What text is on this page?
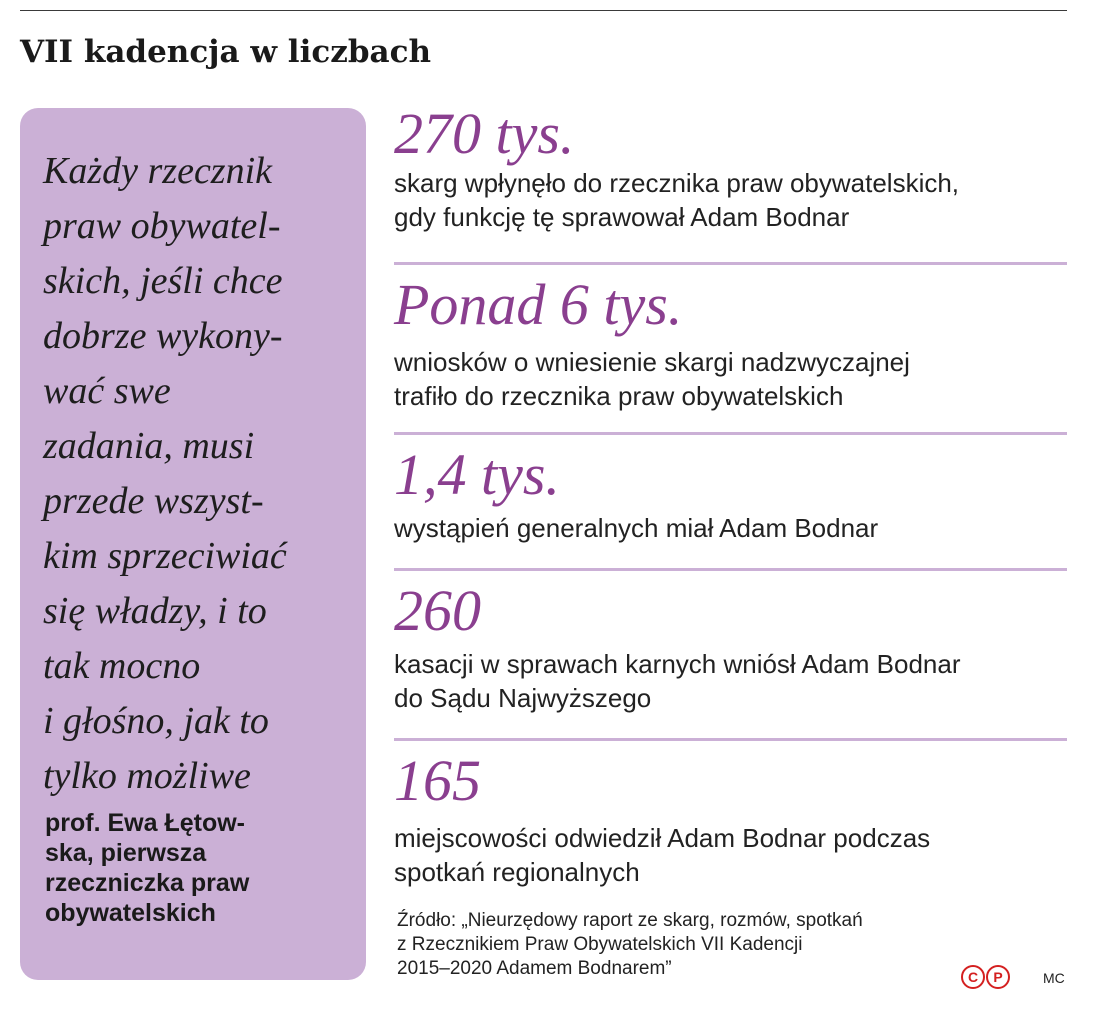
VII kadencja w liczbach
Każdy rzecznik
praw obywatel-
skich, jeśli chce
dobrze wykony-
wać swe
zadania, musi
przede wszyst-
kim sprzeciwiać
się władzy, i to
tak mocno
i głośno, jak to
tylko możliwe
prof. Ewa Łętow-
ska, pierwsza
rzeczniczka praw
obywatelskich
270 tys.
skarg wpłynęło do rzecznika praw obywatelskich,
gdy funkcję tę sprawował Adam Bodnar
Ponad 6 tys.
wniosków o wniesienie skargi nadzwyczajnej
trafiło do rzecznika praw obywatelskich
1,4 tys.
wystąpień generalnych miał Adam Bodnar
260
kasacji w sprawach karnych wniósł Adam Bodnar
do Sądu Najwyższego
165
miejscowości odwiedził Adam Bodnar podczas
spotkań regionalnych
Źródło: „Nieurzędowy raport ze skarg, rozmów, spotkań
z Rzecznikiem Praw Obywatelskich VII Kadencji
2015–2020 Adamem Bodnarem”	C	P	MC
